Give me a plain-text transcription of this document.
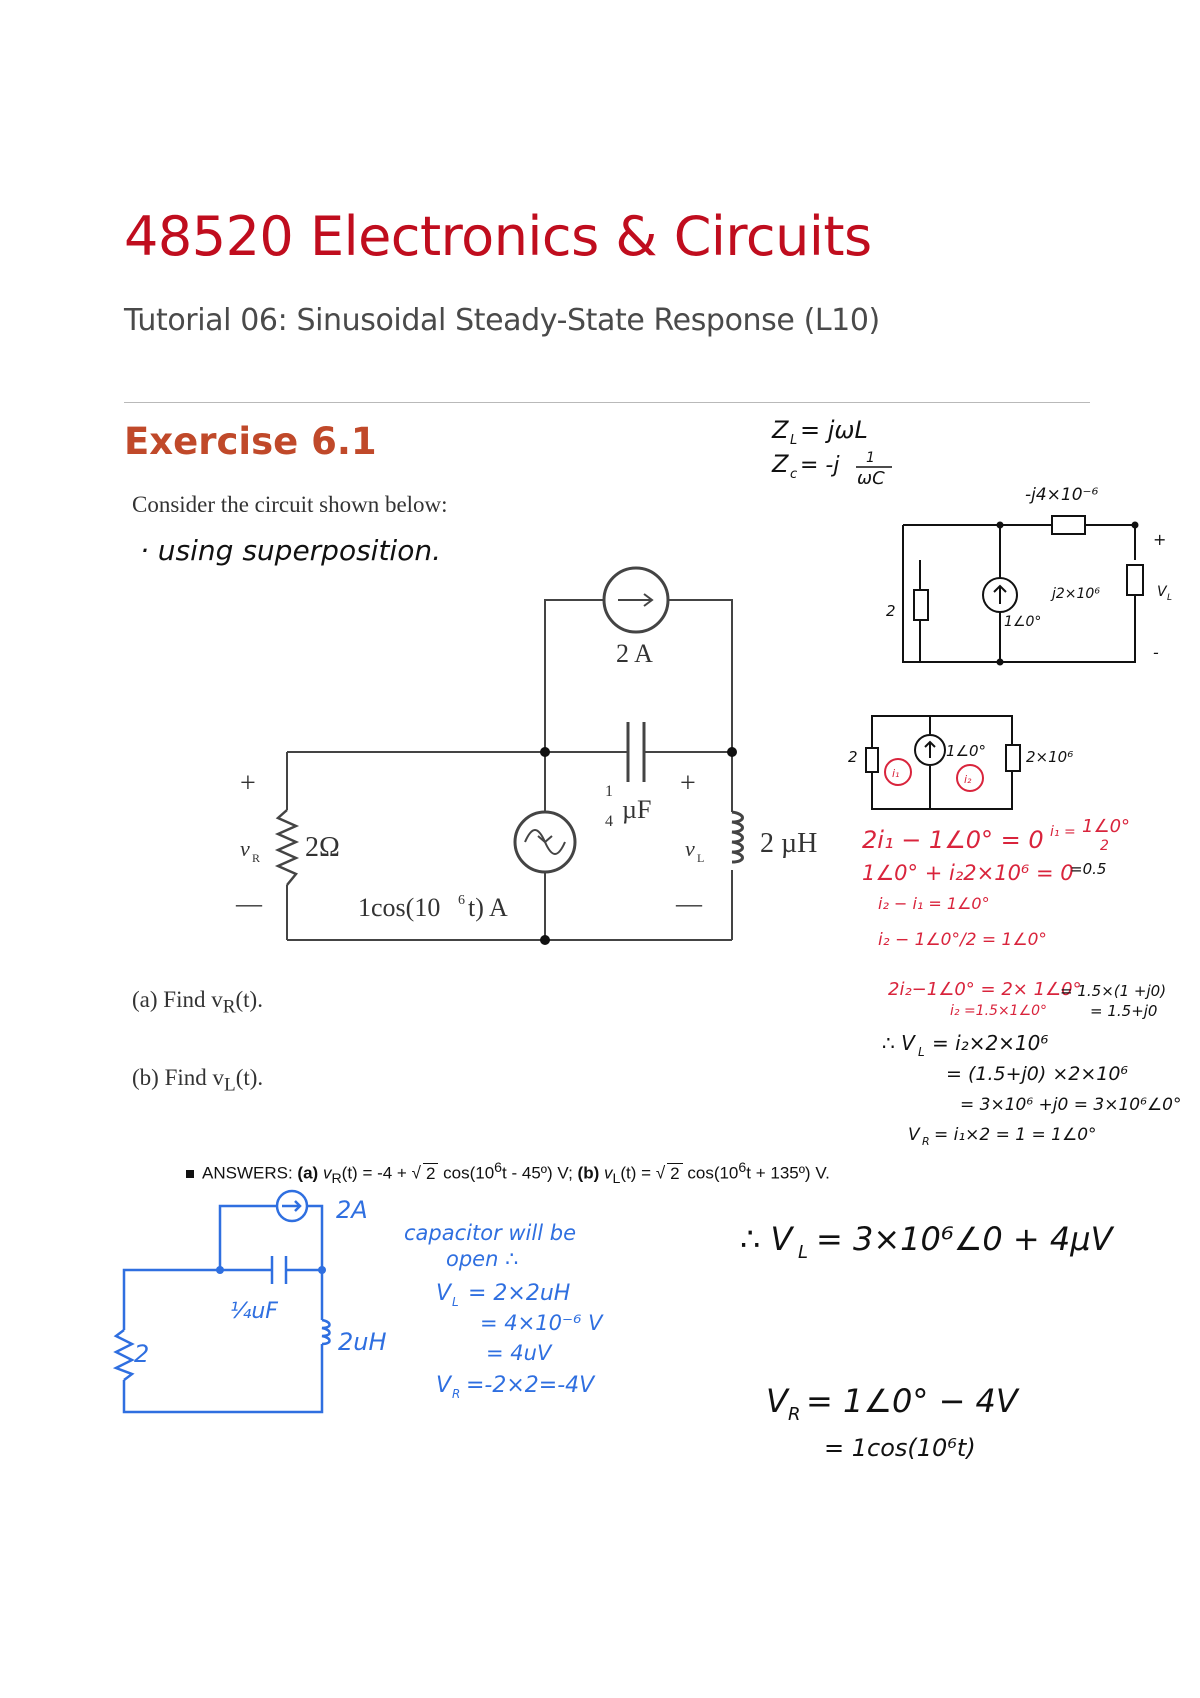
48520 Electronics & Circuits
Tutorial 06: Sinusoidal Steady-State Response (L10)
Exercise 6.1
Consider the circuit shown below:
(a) Find $v_R(t)$.
(b) Find $v_L(t)$.
ANSWERS: (a) $v_R(t) = -4$ + √ 2 $\cos(10^6t$ - 45º) V; (b) $v_L(t)$ = √ 2 $\cos(10^6t$ + 135º) V.
2 A
1
4 µF
2Ω	2 µH
1cos(10 6 t) A
v R	v L
+
—
+
—
· using superposition.
Z L = jωL
Z c = -j 1
ωC
-j4×10⁻⁶
2
1∠0°
j2×10⁶	V L
+
-
2	1∠0°	2×10⁶
i₁	i₂
2i₁ − 1∠0° = 0
1∠0° + i₂2×10⁶ = 0
i₂ − i₁ = 1∠0°
i₂ − 1∠0°/2 = 1∠0°
2i₂−1∠0° = 2× 1∠0°
i₂ =1.5×1∠0°
i₁ = 1∠0°
2
=0.5
= 1.5×(1 +j0)
= 1.5+j0
∴ V L = i₂×2×10⁶
= (1.5+j0) ×2×10⁶
= 3×10⁶ +j0 = 3×10⁶∠0°
V R = i₁×2 = 1 = 1∠0°
∴ V L = 3×10⁶∠0 + 4µV
V R = 1∠0° − 4V
= 1cos(10⁶t)
2A
¼uF
2	2uH
capacitor will be
open ∴
V L = 2×2uH
= 4×10⁻⁶ V
= 4uV
V R =-2×2=-4V
